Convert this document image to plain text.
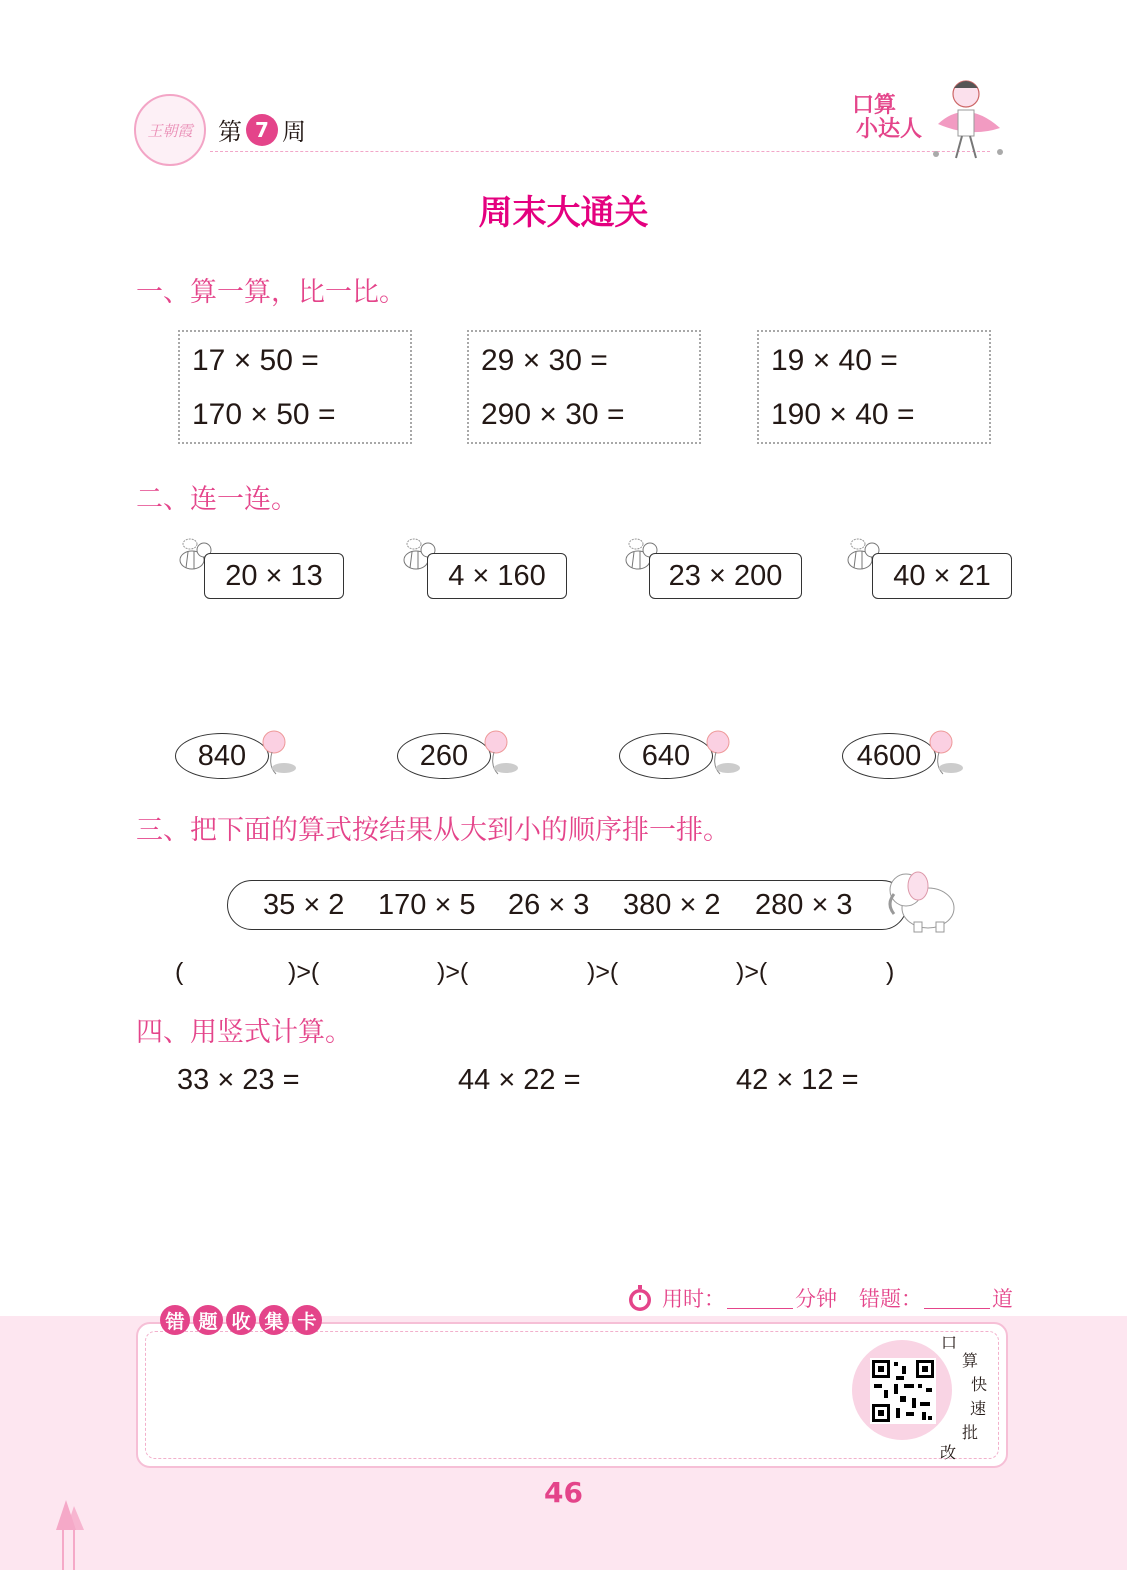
王朝霞 第 7 周
口算
小达人
周末大通关
一、算一算，比一比。
17 × 50 =
170 × 50 =
29 × 30 =
290 × 30 =
19 × 40 =
190 × 40 =
二、连一连。
20 × 13	4 × 160	23 × 200	40 × 21
840	260	640	4600
三、把下面的算式按结果从大到小的顺序排一排。
35 × 2 170 × 5 26 × 3 380 × 2 280 × 3
(	)>(	)>(	)>(	)>(	)
四、用竖式计算。
33 × 23 =	44 × 22 =	42 × 12 =
用时：	分钟 错题：	道
错 题 收 集 卡
口
算
快
速
批
改
46
